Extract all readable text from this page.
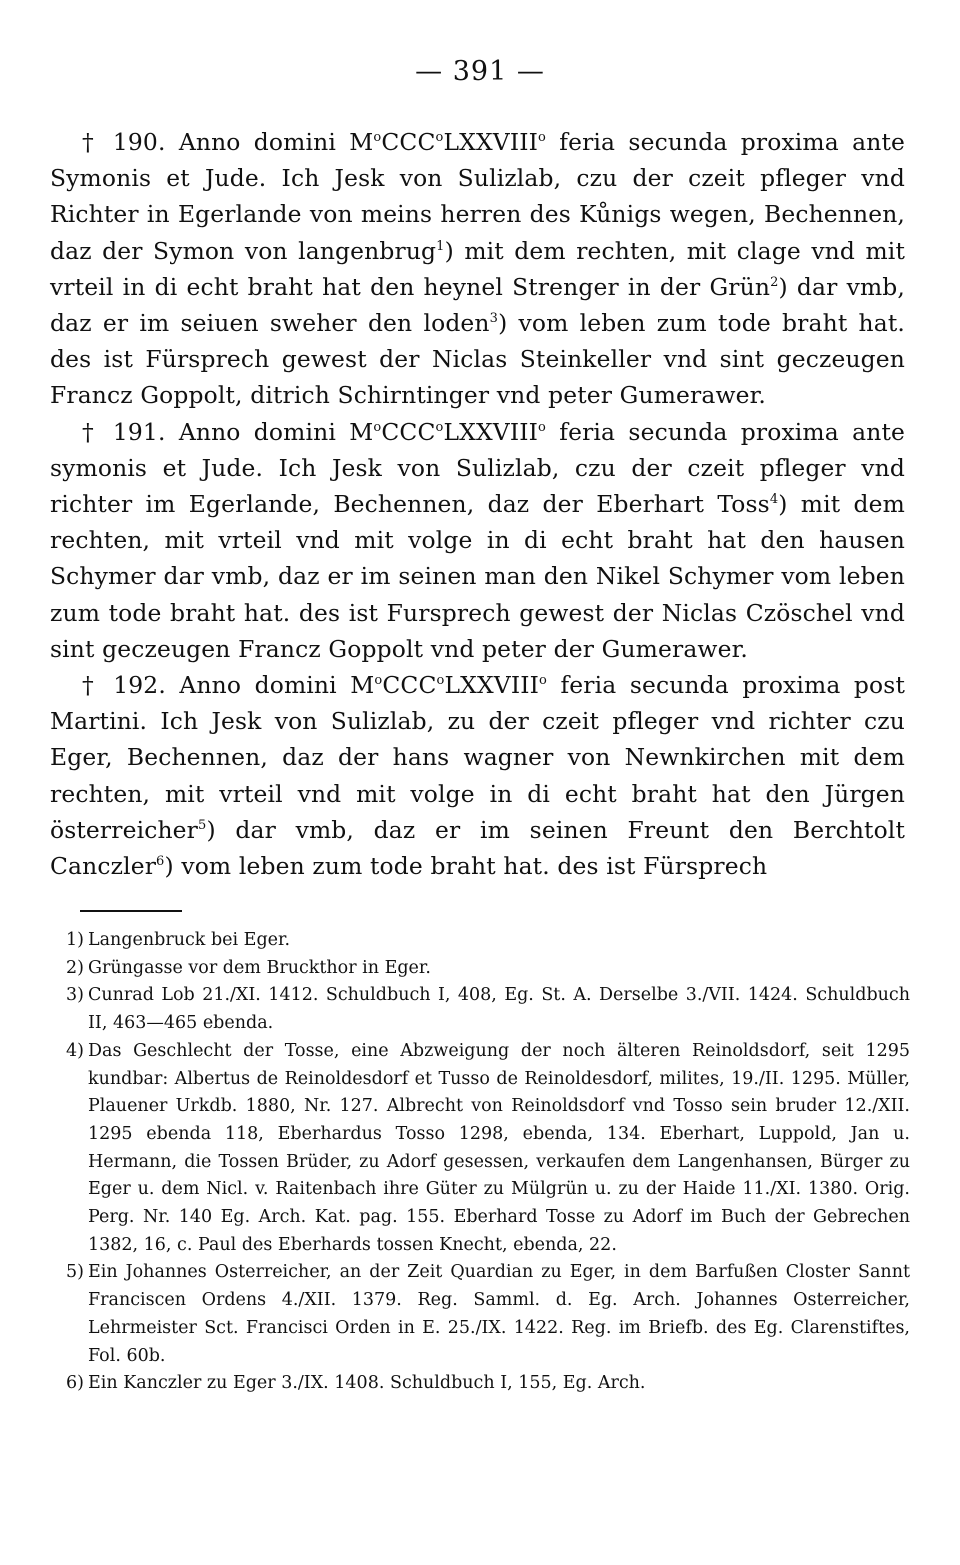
— 391 —

† 190. Anno domini $M^oCCC^oLXXVIII^o$ feria secunda proxima ante Symonis et Jude. Ich Jesk von Sulizlab, czu der czeit pfleger vnd Richter in Egerlande von meins herren des Kůnigs wegen, Bechennen, daz der Symon von langenbrug$^1$) mit dem rechten, mit clage vnd mit vrteil in di echt braht hat den heynel Strenger in der Grün$^2$) dar vmb, daz er im seiuen sweher den loden$^3$) vom leben zum tode braht hat. des ist Fürsprech gewest der Niclas Steinkeller vnd sint geczeugen Francz Goppolt, ditrich Schirntinger vnd peter Gumerawer.

† 191. Anno domini $M^oCCC^oLXXVIII^o$ feria secunda proxima ante symonis et Jude. Ich Jesk von Sulizlab, czu der czeit pfleger vnd richter im Egerlande, Bechennen, daz der Eberhart Toss$^4$) mit dem rechten, mit vrteil vnd mit volge in di echt braht hat den hausen Schymer dar vmb, daz er im seinen man den Nikel Schymer vom leben zum tode braht hat. des ist Fursprech gewest der Niclas Czöschel vnd sint geczeugen Francz Goppolt vnd peter der Gumerawer.

† 192. Anno domini $M^oCCC^oLXXVIII^o$ feria secunda proxima post Martini. Ich Jesk von Sulizlab, zu der czeit pfleger vnd richter czu Eger, Bechennen, daz der hans wagner von Newnkirchen mit dem rechten, mit vrteil vnd mit volge in di echt braht hat den Jürgen österreicher$^5$) dar vmb, daz er im seinen Freunt den Berchtolt Canczler$^6$) vom leben zum tode braht hat. des ist Fürsprech

1) Langenbruck bei Eger.

2) Grüngasse vor dem Bruckthor in Eger.

3) Cunrad Lob 21./XI. 1412. Schuldbuch I, 408, Eg. St. A. Derselbe 3./VII. 1424. Schuldbuch II, 463—465 ebenda.

4) Das Geschlecht der Tosse, eine Abzweigung der noch älteren Reinoldsdorf, seit 1295 kundbar: Albertus de Reinoldesdorf et Tusso de Reinoldesdorf, milites, 19./II. 1295. Müller, Plauener Urkdb. 1880, Nr. 127. Albrecht von Reinoldsdorf vnd Tosso sein bruder 12./XII. 1295 ebenda 118, Eberhardus Tosso 1298, ebenda, 134. Eberhart, Luppold, Jan u. Hermann, die Tossen Brüder, zu Adorf gesessen, verkaufen dem Langenhansen, Bürger zu Eger u. dem Nicl. v. Raitenbach ihre Güter zu Mülgrün u. zu der Haide 11./XI. 1380. Orig. Perg. Nr. 140 Eg. Arch. Kat. pag. 155. Eberhard Tosse zu Adorf im Buch der Gebrechen 1382, 16, c. Paul des Eberhards tossen Knecht, ebenda, 22.

5) Ein Johannes Osterreicher, an der Zeit Quardian zu Eger, in dem Barfußen Closter Sannt Franciscen Ordens 4./XII. 1379. Reg. Samml. d. Eg. Arch. Johannes Osterreicher, Lehrmeister Sct. Francisci Orden in E. 25./IX. 1422. Reg. im Briefb. des Eg. Clarenstiftes, Fol. 60b.

6) Ein Kanczler zu Eger 3./IX. 1408. Schuldbuch I, 155, Eg. Arch.
